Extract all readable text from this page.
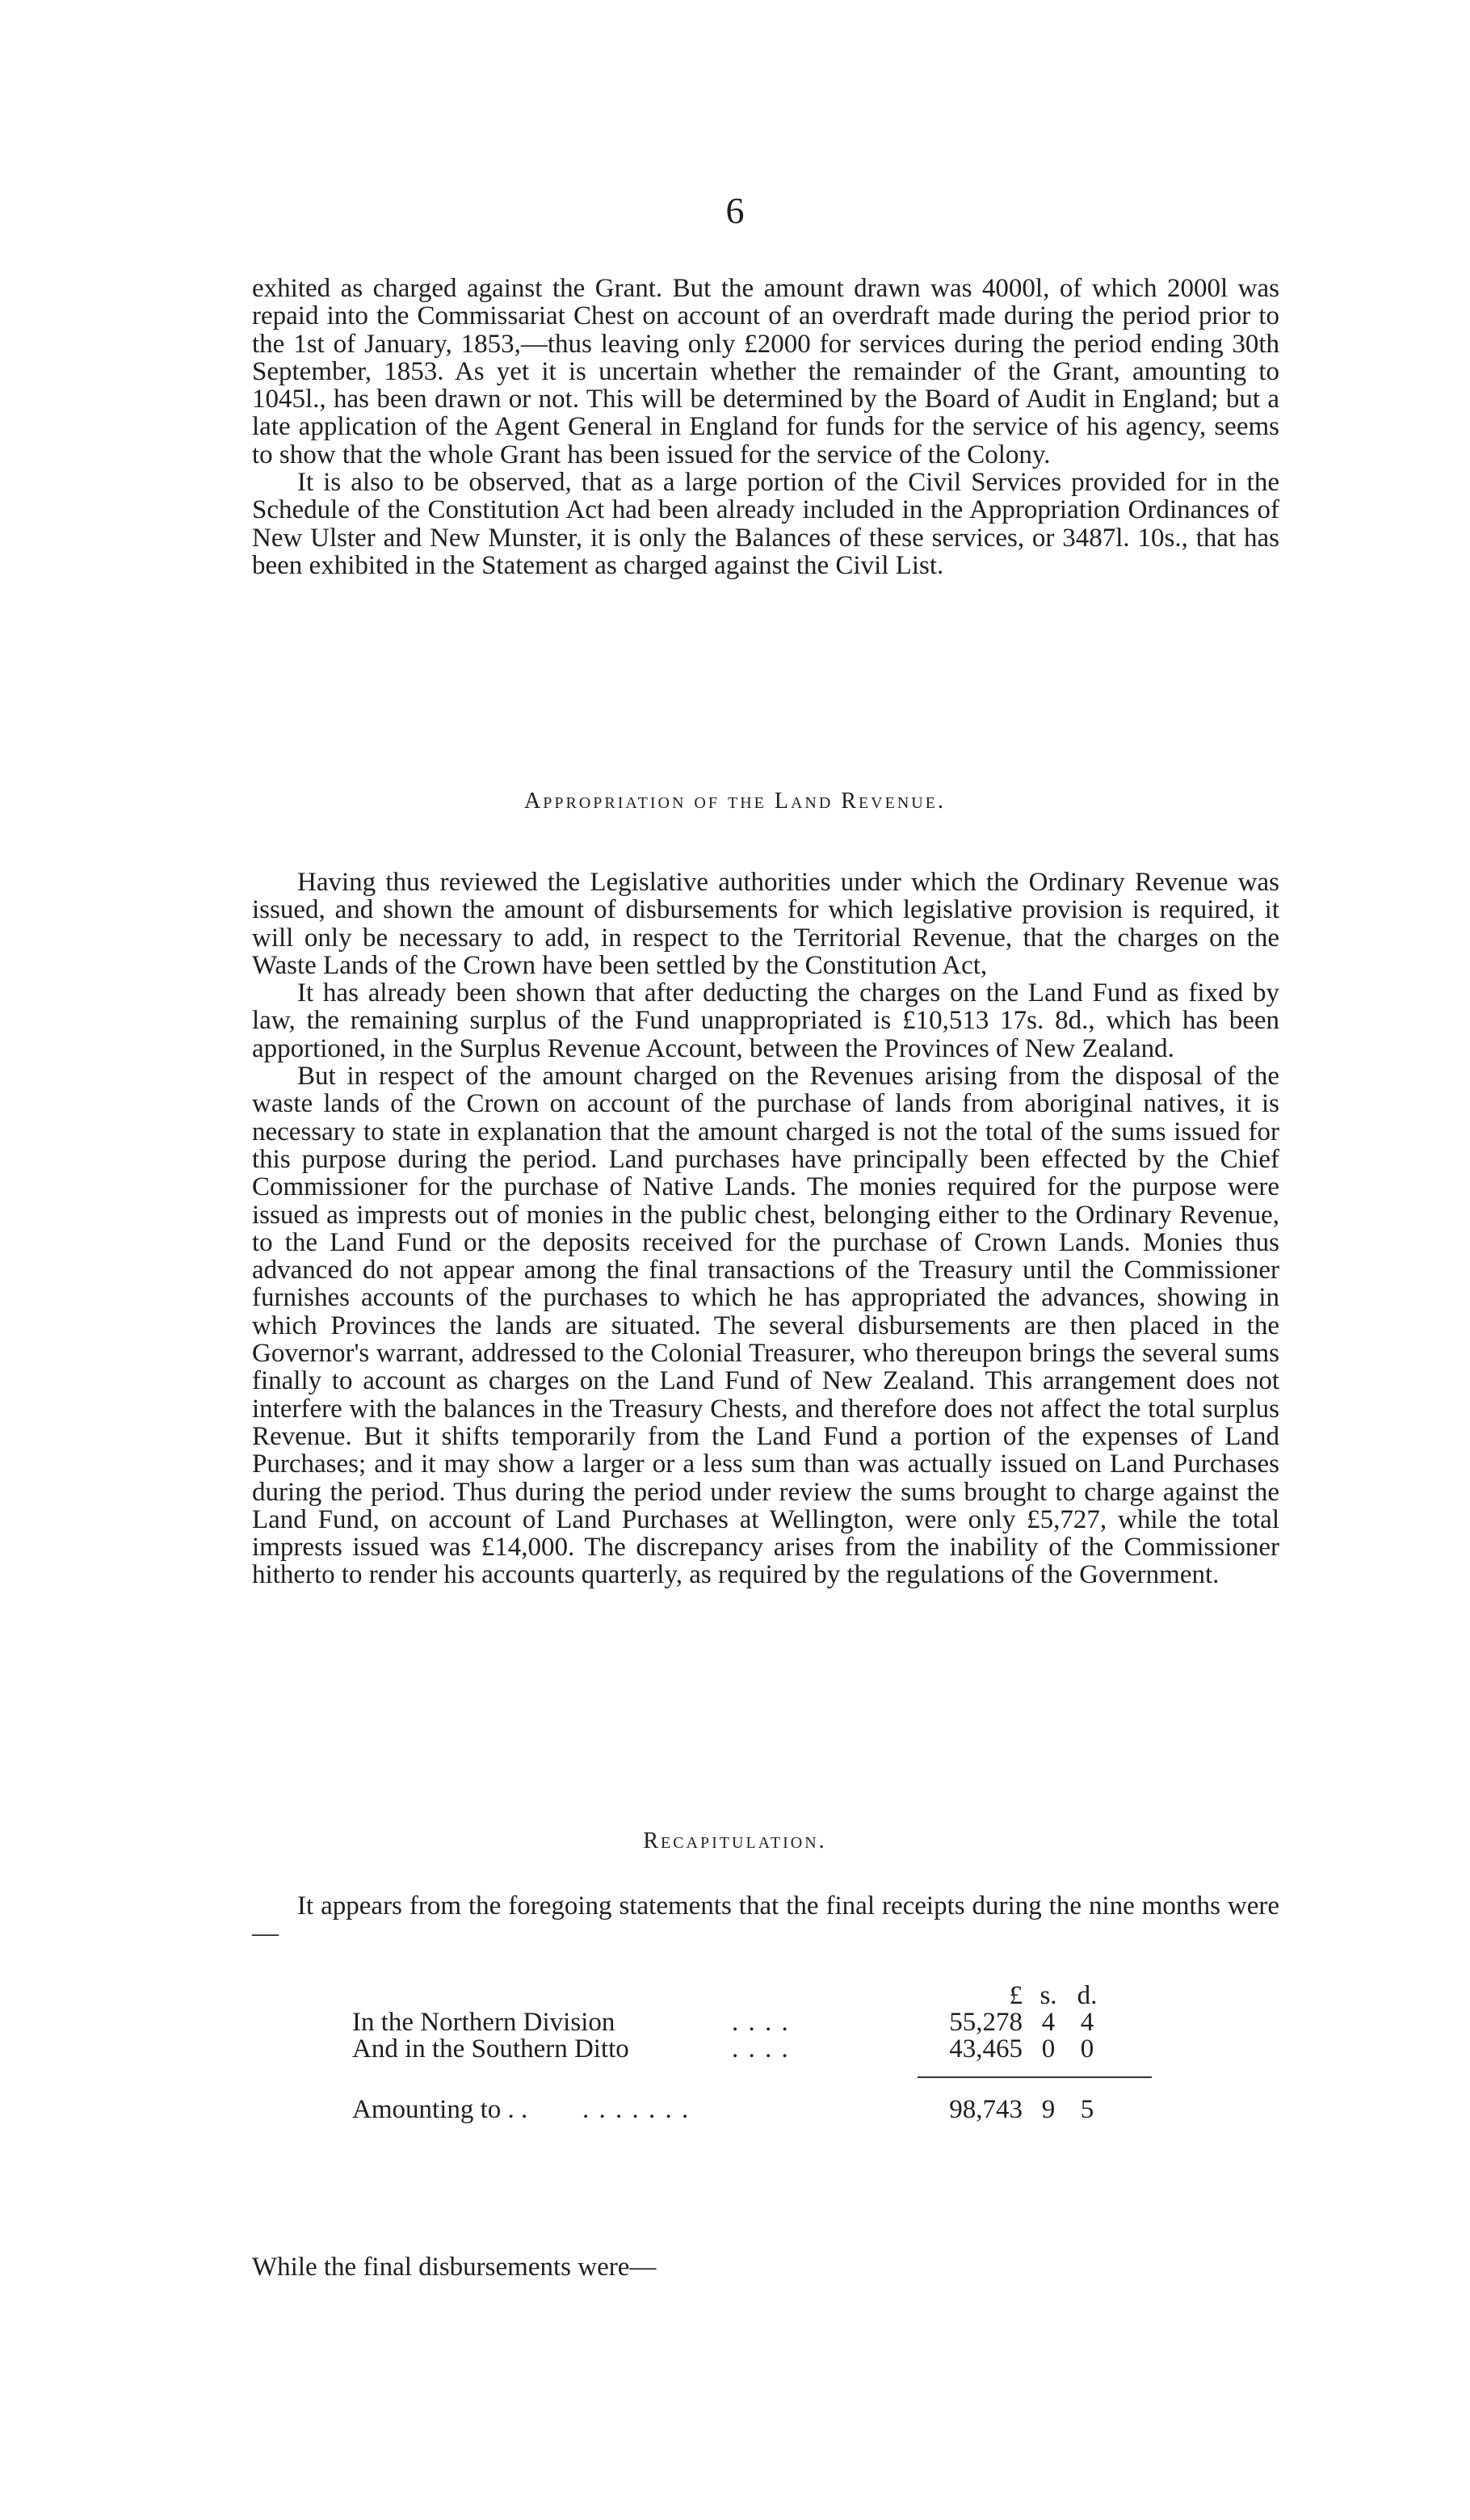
6

exhited as charged against the Grant. But the amount drawn was 4000l, of which 2000l was repaid into the Commissariat Chest on account of an overdraft made during the period prior to the 1st of January, 1853,—thus leaving only £2000 for services during the period ending 30th September, 1853. As yet it is uncertain whether the remainder of the Grant, amounting to 1045l., has been drawn or not. This will be determined by the Board of Audit in England; but a late application of the Agent General in England for funds for the service of his agency, seems to show that the whole Grant has been issued for the service of the Colony.

It is also to be observed, that as a large portion of the Civil Services provided for in the Schedule of the Constitution Act had been already included in the Appropriation Ordinances of New Ulster and New Munster, it is only the Balances of these services, or 3487l. 10s., that has been exhibited in the Statement as charged against the Civil List.

Appropriation of the Land Revenue.

Having thus reviewed the Legislative authorities under which the Ordinary Revenue was issued, and shown the amount of disbursements for which legislative provision is required, it will only be necessary to add, in respect to the Territorial Revenue, that the charges on the Waste Lands of the Crown have been settled by the Constitution Act,

It has already been shown that after deducting the charges on the Land Fund as fixed by law, the remaining surplus of the Fund unappropriated is £10,513 17s. 8d., which has been apportioned, in the Surplus Revenue Account, between the Provinces of New Zealand.

But in respect of the amount charged on the Revenues arising from the disposal of the waste lands of the Crown on account of the purchase of lands from aboriginal natives, it is necessary to state in explanation that the amount charged is not the total of the sums issued for this purpose during the period. Land purchases have principally been effected by the Chief Commissioner for the purchase of Native Lands. The monies required for the purpose were issued as imprests out of monies in the public chest, belonging either to the Ordinary Revenue, to the Land Fund or the deposits received for the purchase of Crown Lands. Monies thus advanced do not appear among the final transactions of the Treasury until the Commissioner furnishes accounts of the purchases to which he has appropriated the advances, showing in which Provinces the lands are situated. The several disbursements are then placed in the Governor's warrant, addressed to the Colonial Treasurer, who thereupon brings the several sums finally to account as charges on the Land Fund of New Zealand. This arrangement does not interfere with the balances in the Treasury Chests, and therefore does not affect the total surplus Revenue. But it shifts temporarily from the Land Fund a portion of the expenses of Land Purchases; and it may show a larger or a less sum than was actually issued on Land Purchases during the period. Thus during the period under review the sums brought to charge against the Land Fund, on account of Land Purchases at Wellington, were only £5,727, while the total imprests issued was £14,000. The discrepancy arises from the inability of the Commissioner hitherto to render his accounts quarterly, as required by the regulations of the Government.

Recapitulation.
It appears from the foregoing statements that the final receipts during the nine months were—
£ s. d.
In the Northern Division	. . . .	55,278 4 4
And in the Southern Ditto	. . . .	43,465 0 0
Amounting to . . . . . . . . .	98,743 9 5
While the final disbursements were—
